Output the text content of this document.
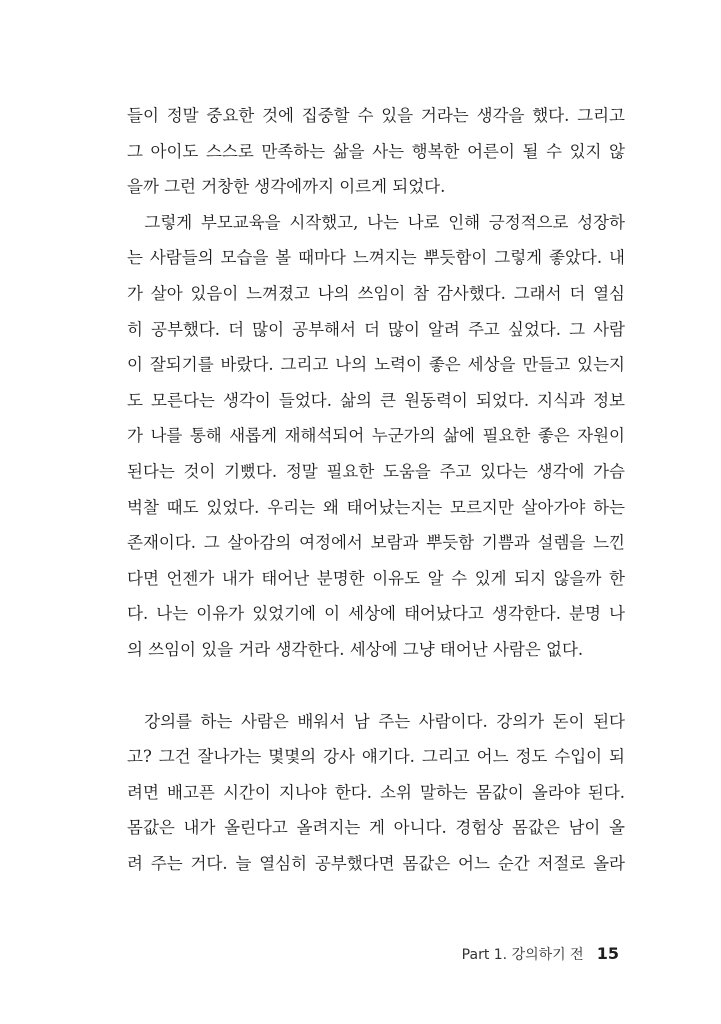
들이 정말 중요한 것에 집중할 수 있을 거라는 생각을 했다. 그리고
그 아이도 스스로 만족하는 삶을 사는 행복한 어른이 될 수 있지 않
을까 그런 거창한 생각에까지 이르게 되었다.
그렇게 부모교육을 시작했고, 나는 나로 인해 긍정적으로 성장하
는 사람들의 모습을 볼 때마다 느껴지는 뿌듯함이 그렇게 좋았다. 내
가 살아 있음이 느껴졌고 나의 쓰임이 참 감사했다. 그래서 더 열심
히 공부했다. 더 많이 공부해서 더 많이 알려 주고 싶었다. 그 사람
이 잘되기를 바랐다. 그리고 나의 노력이 좋은 세상을 만들고 있는지
도 모른다는 생각이 들었다. 삶의 큰 원동력이 되었다. 지식과 정보
가 나를 통해 새롭게 재해석되어 누군가의 삶에 필요한 좋은 자원이
된다는 것이 기뻤다. 정말 필요한 도움을 주고 있다는 생각에 가슴
벅찰 때도 있었다. 우리는 왜 태어났는지는 모르지만 살아가야 하는
존재이다. 그 살아감의 여정에서 보람과 뿌듯함 기쁨과 설렘을 느낀
다면 언젠가 내가 태어난 분명한 이유도 알 수 있게 되지 않을까 한
다. 나는 이유가 있었기에 이 세상에 태어났다고 생각한다. 분명 나
의 쓰임이 있을 거라 생각한다. 세상에 그냥 태어난 사람은 없다.
강의를 하는 사람은 배워서 남 주는 사람이다. 강의가 돈이 된다
고? 그건 잘나가는 몇몇의 강사 얘기다. 그리고 어느 정도 수입이 되
려면 배고픈 시간이 지나야 한다. 소위 말하는 몸값이 올라야 된다.
몸값은 내가 올린다고 올려지는 게 아니다. 경험상 몸값은 남이 올
려 주는 거다. 늘 열심히 공부했다면 몸값은 어느 순간 저절로 올라
Part 1. 강의하기 전 15
